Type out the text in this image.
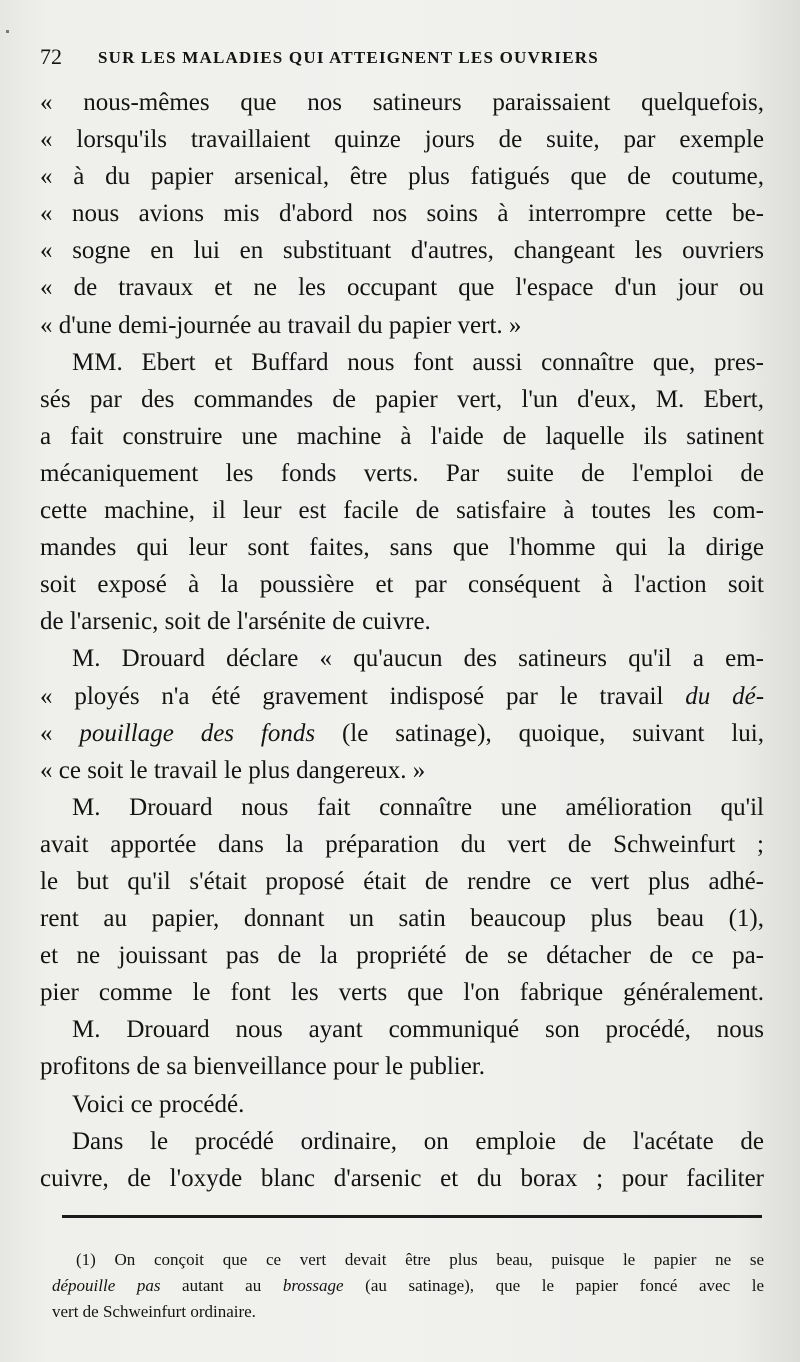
72 SUR LES MALADIES QUI ATTEIGNENT LES OUVRIERS
« nous-mêmes que nos satineurs paraissaient quelquefois,
« lorsqu'ils travaillaient quinze jours de suite, par exemple
« à du papier arsenical, être plus fatigués que de coutume,
« nous avions mis d'abord nos soins à interrompre cette be-
« sogne en lui en substituant d'autres, changeant les ouvriers
« de travaux et ne les occupant que l'espace d'un jour ou
« d'une demi-journée au travail du papier vert. »
MM. Ebert et Buffard nous font aussi connaître que, pres-
sés par des commandes de papier vert, l'un d'eux, M. Ebert,
a fait construire une machine à l'aide de laquelle ils satinent
mécaniquement les fonds verts. Par suite de l'emploi de
cette machine, il leur est facile de satisfaire à toutes les com-
mandes qui leur sont faites, sans que l'homme qui la dirige
soit exposé à la poussière et par conséquent à l'action soit
de l'arsenic, soit de l'arsénite de cuivre.
M. Drouard déclare « qu'aucun des satineurs qu'il a em-
« ployés n'a été gravement indisposé par le travail du dé-
« pouillage des fonds (le satinage), quoique, suivant lui,
« ce soit le travail le plus dangereux. »
M. Drouard nous fait connaître une amélioration qu'il
avait apportée dans la préparation du vert de Schweinfurt ;
le but qu'il s'était proposé était de rendre ce vert plus adhé-
rent au papier, donnant un satin beaucoup plus beau (1),
et ne jouissant pas de la propriété de se détacher de ce pa-
pier comme le font les verts que l'on fabrique généralement.
M. Drouard nous ayant communiqué son procédé, nous
profitons de sa bienveillance pour le publier.
Voici ce procédé.
Dans le procédé ordinaire, on emploie de l'acétate de
cuivre, de l'oxyde blanc d'arsenic et du borax ; pour faciliter
(1) On conçoit que ce vert devait être plus beau, puisque le papier ne se
dépouille pas autant au brossage (au satinage), que le papier foncé avec le
vert de Schweinfurt ordinaire.
